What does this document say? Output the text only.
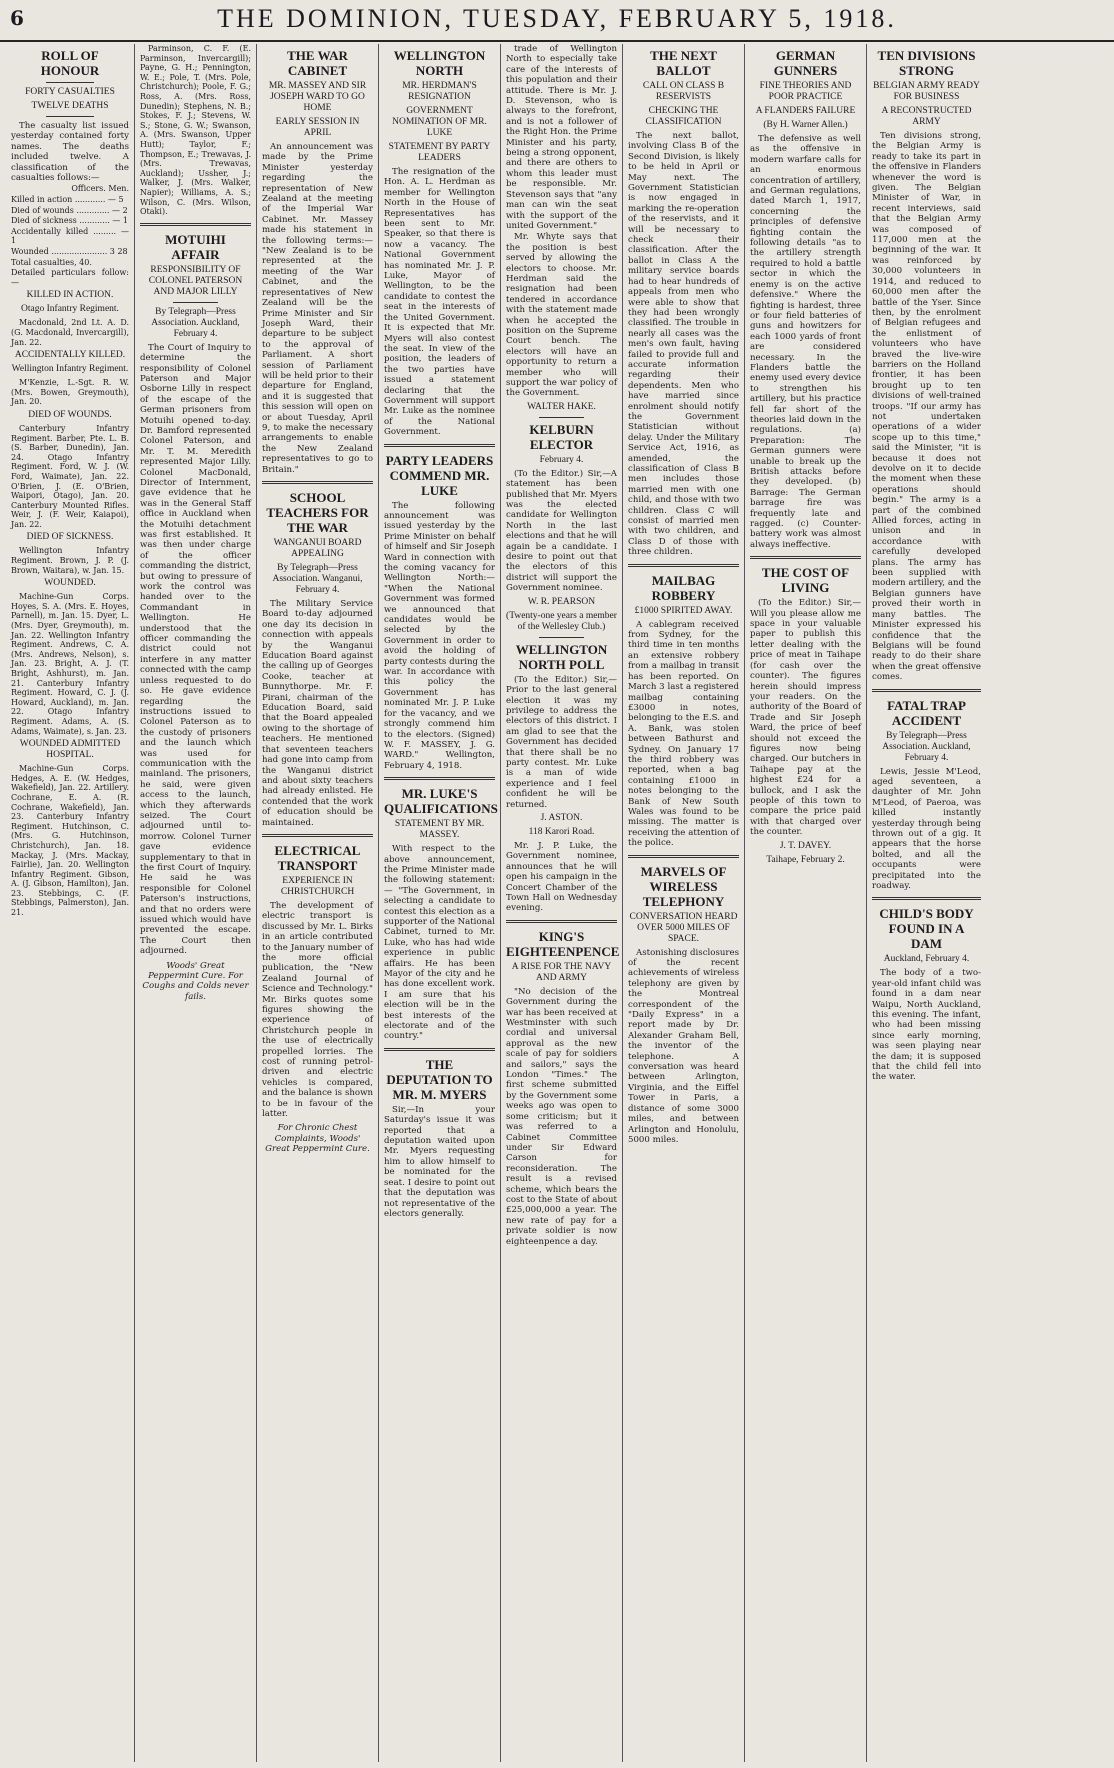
6	THE DOMINION, TUESDAY, FEBRUARY 5, 1918.
ROLL OF HONOUR
FORTY CASUALTIES
TWELVE DEATHS

The casualty list issued yesterday contained forty names. The deaths included twelve. A classification of the casualties follows:—

Officers. Men.

Killed in action ............ — 5

Died of wounds ............. — 2

Died of sickness ............ — 1

Accidentally killed ......... — 1

Wounded ...................... 3 28

Total casualties, 40.

Detailed particulars follow:—

KILLED IN ACTION.
Otago Infantry Regiment.

Macdonald, 2nd Lt. A. D. (G. Macdonald, Invercargill), Jan. 22.

ACCIDENTALLY KILLED.
Wellington Infantry Regiment.

M'Kenzie, L.-Sgt. R. W. (Mrs. Bowen, Greymouth), Jan. 20.

DIED OF WOUNDS.

Canterbury Infantry Regiment. Barber, Pte. L. B. (S. Barber, Dunedin), Jan. 24. Otago Infantry Regiment. Ford, W. J. (W. Ford, Waimate), Jan. 22. O'Brien, J. (E. O'Brien, Waipori, Otago), Jan. 20. Canterbury Mounted Rifles. Weir, J. (F. Weir, Kaiapoi), Jan. 22.

DIED OF SICKNESS.

Wellington Infantry Regiment. Brown, J. P. (J. Brown, Waitara), w. Jan. 15.

WOUNDED.

Machine-Gun Corps. Hoyes, S. A. (Mrs. E. Hoyes, Parnell), m. Jan. 15. Dyer, L. (Mrs. Dyer, Greymouth), m. Jan. 22. Wellington Infantry Regiment. Andrews, C. A. (Mrs. Andrews, Nelson), s. Jan. 23. Bright, A. J. (T. Bright, Ashhurst), m. Jan. 21. Canterbury Infantry Regiment. Howard, C. J. (J. Howard, Auckland), m. Jan. 22. Otago Infantry Regiment. Adams, A. (S. Adams, Waimate), s. Jan. 23.

WOUNDED ADMITTED HOSPITAL.

Machine-Gun Corps. Hedges, A. E. (W. Hedges, Wakefield), Jan. 22. Artillery. Cochrane, E. A. (R. Cochrane, Wakefield), Jan. 23. Canterbury Infantry Regiment. Hutchinson, C. (Mrs. G. Hutchinson, Christchurch), Jan. 18. Mackay, J. (Mrs. Mackay, Fairlie), Jan. 20. Wellington Infantry Regiment. Gibson, A. (J. Gibson, Hamilton), Jan. 23. Stebbings, C. (F. Stebbings, Palmerston), Jan. 21.

Parminson, C. F. (E. Parminson, Invercargill); Payne, G. H.; Pennington, W. E.; Pole, T. (Mrs. Pole, Christchurch); Poole, F. G.; Ross, A. (Mrs. Ross, Dunedin); Stephens, N. B.; Stokes, F. J.; Stevens, W. S.; Stone, G. W.; Swanson, A. (Mrs. Swanson, Upper Hutt); Taylor, F.; Thompson, E.; Trewavas, J. (Mrs. Trewavas, Auckland); Ussher, J.; Walker, J. (Mrs. Walker, Napier); Williams, A. S.; Wilson, C. (Mrs. Wilson, Otaki).

MOTUIHI AFFAIR
RESPONSIBILITY OF COLONEL PATERSON AND MAJOR LILLY
By Telegraph—Press Association. Auckland, February 4.

The Court of Inquiry to determine the responsibility of Colonel Paterson and Major Osborne Lilly in respect of the escape of the German prisoners from Motuihi opened to-day. Dr. Bamford represented Colonel Paterson, and Mr. T. M. Meredith represented Major Lilly. Colonel MacDonald, Director of Internment, gave evidence that he was in the General Staff office in Auckland when the Motuihi detachment was first established. It was then under charge of the officer commanding the district, but owing to pressure of work the control was handed over to the Commandant in Wellington. He understood that the officer commanding the district could not interfere in any matter connected with the camp unless requested to do so. He gave evidence regarding the instructions issued to Colonel Paterson as to the custody of prisoners and the launch which was used for communication with the mainland. The prisoners, he said, were given access to the launch, which they afterwards seized. The Court adjourned until to-morrow. Colonel Turner gave evidence supplementary to that in the first Court of Inquiry. He said he was responsible for Colonel Paterson's instructions, and that no orders were issued which would have prevented the escape. The Court then adjourned.

Woods' Great Peppermint Cure. For Coughs and Colds never fails.
THE WAR CABINET
MR. MASSEY AND SIR JOSEPH WARD TO GO HOME
EARLY SESSION IN APRIL

An announcement was made by the Prime Minister yesterday regarding the representation of New Zealand at the meeting of the Imperial War Cabinet. Mr. Massey made his statement in the following terms:— "New Zealand is to be represented at the meeting of the War Cabinet, and the representatives of New Zealand will be the Prime Minister and Sir Joseph Ward, their departure to be subject to the approval of Parliament. A short session of Parliament will be held prior to their departure for England, and it is suggested that this session will open on or about Tuesday, April 9, to make the necessary arrangements to enable the New Zealand representatives to go to Britain."

SCHOOL TEACHERS FOR THE WAR
WANGANUI BOARD APPEALING
By Telegraph—Press Association. Wanganui, February 4.

The Military Service Board to-day adjourned one day its decision in connection with appeals by the Wanganui Education Board against the calling up of Georges Cooke, teacher at Bunnythorpe. Mr. F. Pirani, chairman of the Education Board, said that the Board appealed owing to the shortage of teachers. He mentioned that seventeen teachers had gone into camp from the Wanganui district and about sixty teachers had already enlisted. He contended that the work of education should be maintained.

ELECTRICAL TRANSPORT
EXPERIENCE IN CHRISTCHURCH

The development of electric transport is discussed by Mr. L. Birks in an article contributed to the January number of the more official publication, the "New Zealand Journal of Science and Technology." Mr. Birks quotes some figures showing the experience of Christchurch people in the use of electrically propelled lorries. The cost of running petrol-driven and electric vehicles is compared, and the balance is shown to be in favour of the latter.

For Chronic Chest Complaints, Woods' Great Peppermint Cure.
WELLINGTON NORTH
MR. HERDMAN'S RESIGNATION
GOVERNMENT NOMINATION OF MR. LUKE
STATEMENT BY PARTY LEADERS

The resignation of the Hon. A. L. Herdman as member for Wellington North in the House of Representatives has been sent to Mr. Speaker, so that there is now a vacancy. The National Government has nominated Mr. J. P. Luke, Mayor of Wellington, to be the candidate to contest the seat in the interests of the United Government. It is expected that Mr. Myers will also contest the seat. In view of the position, the leaders of the two parties have issued a statement declaring that the Government will support Mr. Luke as the nominee of the National Government.

PARTY LEADERS COMMEND MR. LUKE

The following announcement was issued yesterday by the Prime Minister on behalf of himself and Sir Joseph Ward in connection with the coming vacancy for Wellington North:— "When the National Government was formed we announced that candidates would be selected by the Government in order to avoid the holding of party contests during the war. In accordance with this policy the Government has nominated Mr. J. P. Luke for the vacancy, and we strongly commend him to the electors. (Signed) W. F. MASSEY, J. G. WARD." Wellington, February 4, 1918.

MR. LUKE'S QUALIFICATIONS
STATEMENT BY MR. MASSEY.

With respect to the above announcement, the Prime Minister made the following statement:— "The Government, in selecting a candidate to contest this election as a supporter of the National Cabinet, turned to Mr. Luke, who has had wide experience in public affairs. He has been Mayor of the city and he has done excellent work. I am sure that his election will be in the best interests of the electorate and of the country."

THE DEPUTATION TO MR. M. MYERS

Sir,—In your Saturday's issue it was reported that a deputation waited upon Mr. Myers requesting him to allow himself to be nominated for the seat. I desire to point out that the deputation was not representative of the electors generally.

trade of Wellington North to especially take care of the interests of this population and their attitude. There is Mr. J. D. Stevenson, who is always to the forefront, and is not a follower of the Right Hon. the Prime Minister and his party, being a strong opponent, and there are others to whom this leader must be responsible. Mr. Stevenson says that "any man can win the seat with the support of the united Government."

Mr. Whyte says that the position is best served by allowing the electors to choose. Mr. Herdman said the resignation had been tendered in accordance with the statement made when he accepted the position on the Supreme Court bench. The electors will have an opportunity to return a member who will support the war policy of the Government.

WALTER HAKE.
KELBURN ELECTOR
February 4.

(To the Editor.) Sir,—A statement has been published that Mr. Myers was the elected candidate for Wellington North in the last elections and that he will again be a candidate. I desire to point out that the electors of this district will support the Government nominee.

W. R. PEARSON
(Twenty-one years a member of the Wellesley Club.)
WELLINGTON NORTH POLL

(To the Editor.) Sir,—Prior to the last general election it was my privilege to address the electors of this district. I am glad to see that the Government has decided that there shall be no party contest. Mr. Luke is a man of wide experience and I feel confident he will be returned.

J. ASTON.
118 Karori Road.

Mr. J. P. Luke, the Government nominee, announces that he will open his campaign in the Concert Chamber of the Town Hall on Wednesday evening.

KING'S EIGHTEENPENCE
A RISE FOR THE NAVY AND ARMY

"No decision of the Government during the war has been received at Westminster with such cordial and universal approval as the new scale of pay for soldiers and sailors," says the London "Times." The first scheme submitted by the Government some weeks ago was open to some criticism; but it was referred to a Cabinet Committee under Sir Edward Carson for reconsideration. The result is a revised scheme, which bears the cost to the State of about £25,000,000 a year. The new rate of pay for a private soldier is now eighteenpence a day.

THE NEXT BALLOT
CALL ON CLASS B RESERVISTS
CHECKING THE CLASSIFICATION

The next ballot, involving Class B of the Second Division, is likely to be held in April or May next. The Government Statistician is now engaged in marking the re-operation of the reservists, and it will be necessary to check their classification. After the ballot in Class A the military service boards had to hear hundreds of appeals from men who were able to show that they had been wrongly classified. The trouble in nearly all cases was the men's own fault, having failed to provide full and accurate information regarding their dependents. Men who have married since enrolment should notify the Government Statistician without delay. Under the Military Service Act, 1916, as amended, the classification of Class B men includes those married men with one child, and those with two children. Class C will consist of married men with two children, and Class D of those with three children.

MAILBAG ROBBERY
£1000 SPIRITED AWAY.

A cablegram received from Sydney, for the third time in ten months an extensive robbery from a mailbag in transit has been reported. On March 3 last a registered mailbag containing £3000 in notes, belonging to the E.S. and A. Bank, was stolen between Bathurst and Sydney. On January 17 the third robbery was reported, when a bag containing £1000 in notes belonging to the Bank of New South Wales was found to be missing. The matter is receiving the attention of the police.

MARVELS OF WIRELESS TELEPHONY
CONVERSATION HEARD OVER 5000 MILES OF SPACE.

Astonishing disclosures of the recent achievements of wireless telephony are given by the Montreal correspondent of the "Daily Express" in a report made by Dr. Alexander Graham Bell, the inventor of the telephone. A conversation was heard between Arlington, Virginia, and the Eiffel Tower in Paris, a distance of some 3000 miles, and between Arlington and Honolulu, 5000 miles.

GERMAN GUNNERS
FINE THEORIES AND POOR PRACTICE
A FLANDERS FAILURE
(By H. Warner Allen.)

The defensive as well as the offensive in modern warfare calls for an enormous concentration of artillery, and German regulations, dated March 1, 1917, concerning the principles of defensive fighting contain the following details "as to the artillery strength required to hold a battle sector in which the enemy is on the active defensive." Where the fighting is hardest, three or four field batteries of guns and howitzers for each 1000 yards of front are considered necessary. In the Flanders battle the enemy used every device to strengthen his artillery, but his practice fell far short of the theories laid down in the regulations. (a) Preparation: The German gunners were unable to break up the British attacks before they developed. (b) Barrage: The German barrage fire was frequently late and ragged. (c) Counter-battery work was almost always ineffective.

THE COST OF LIVING

(To the Editor.) Sir,—Will you please allow me space in your valuable paper to publish this letter dealing with the price of meat in Taihape (for cash over the counter). The figures herein should impress your readers. On the authority of the Board of Trade and Sir Joseph Ward, the price of beef should not exceed the figures now being charged. Our butchers in Taihape pay at the highest £24 for a bullock, and I ask the people of this town to compare the price paid with that charged over the counter.

J. T. DAVEY.
Taihape, February 2.
TEN DIVISIONS STRONG
BELGIAN ARMY READY FOR BUSINESS
A RECONSTRUCTED ARMY

Ten divisions strong, the Belgian Army is ready to take its part in the offensive in Flanders whenever the word is given. The Belgian Minister of War, in recent interviews, said that the Belgian Army was composed of 117,000 men at the beginning of the war. It was reinforced by 30,000 volunteers in 1914, and reduced to 60,000 men after the battle of the Yser. Since then, by the enrolment of Belgian refugees and the enlistment of volunteers who have braved the live-wire barriers on the Holland frontier, it has been brought up to ten divisions of well-trained troops. "If our army has not undertaken operations of a wider scope up to this time," said the Minister, "it is because it does not devolve on it to decide the moment when these operations should begin." The army is a part of the combined Allied forces, acting in unison and in accordance with carefully developed plans. The army has been supplied with modern artillery, and the Belgian gunners have proved their worth in many battles. The Minister expressed his confidence that the Belgians will be found ready to do their share when the great offensive comes.

FATAL TRAP ACCIDENT
By Telegraph—Press Association. Auckland, February 4.

Lewis, Jessie M'Leod, aged seventeen, a daughter of Mr. John M'Leod, of Paeroa, was killed instantly yesterday through being thrown out of a gig. It appears that the horse bolted, and all the occupants were precipitated into the roadway.

CHILD'S BODY FOUND IN A DAM
Auckland, February 4.

The body of a two-year-old infant child was found in a dam near Waipu, North Auckland, this evening. The infant, who had been missing since early morning, was seen playing near the dam; it is supposed that the child fell into the water.
